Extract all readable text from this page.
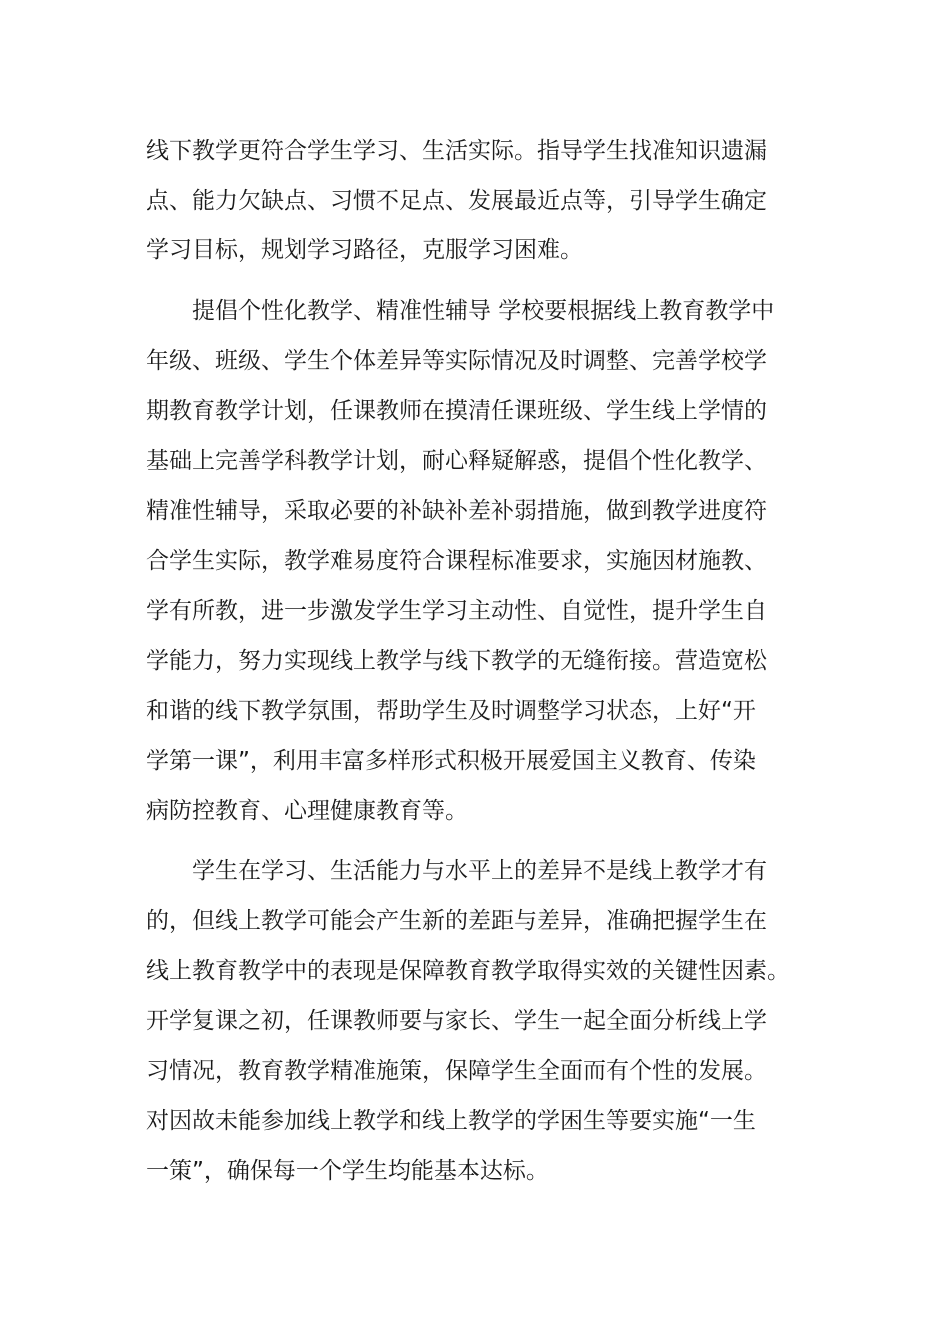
线下教学更符合学生学习、生活实际。指导学生找准知识遗漏

点、能力欠缺点、习惯不足点、发展最近点等，引导学生确定

学习目标，规划学习路径，克服学习困难。

提倡个性化教学、精准性辅导 学校要根据线上教育教学中

年级、班级、学生个体差异等实际情况及时调整、完善学校学

期教育教学计划，任课教师在摸清任课班级、学生线上学情的

基础上完善学科教学计划，耐心释疑解惑，提倡个性化教学、

精准性辅导，采取必要的补缺补差补弱措施，做到教学进度符

合学生实际，教学难易度符合课程标准要求，实施因材施教、

学有所教，进一步激发学生学习主动性、自觉性，提升学生自

学能力，努力实现线上教学与线下教学的无缝衔接。营造宽松

和谐的线下教学氛围，帮助学生及时调整学习状态，上好“开

学第一课”，利用丰富多样形式积极开展爱国主义教育、传染

病防控教育、心理健康教育等。

学生在学习、生活能力与水平上的差异不是线上教学才有

的，但线上教学可能会产生新的差距与差异，准确把握学生在

线上教育教学中的表现是保障教育教学取得实效的关键性因素。

开学复课之初，任课教师要与家长、学生一起全面分析线上学

习情况，教育教学精准施策，保障学生全面而有个性的发展。

对因故未能参加线上教学和线上教学的学困生等要实施“一生

一策”，确保每一个学生均能基本达标。
